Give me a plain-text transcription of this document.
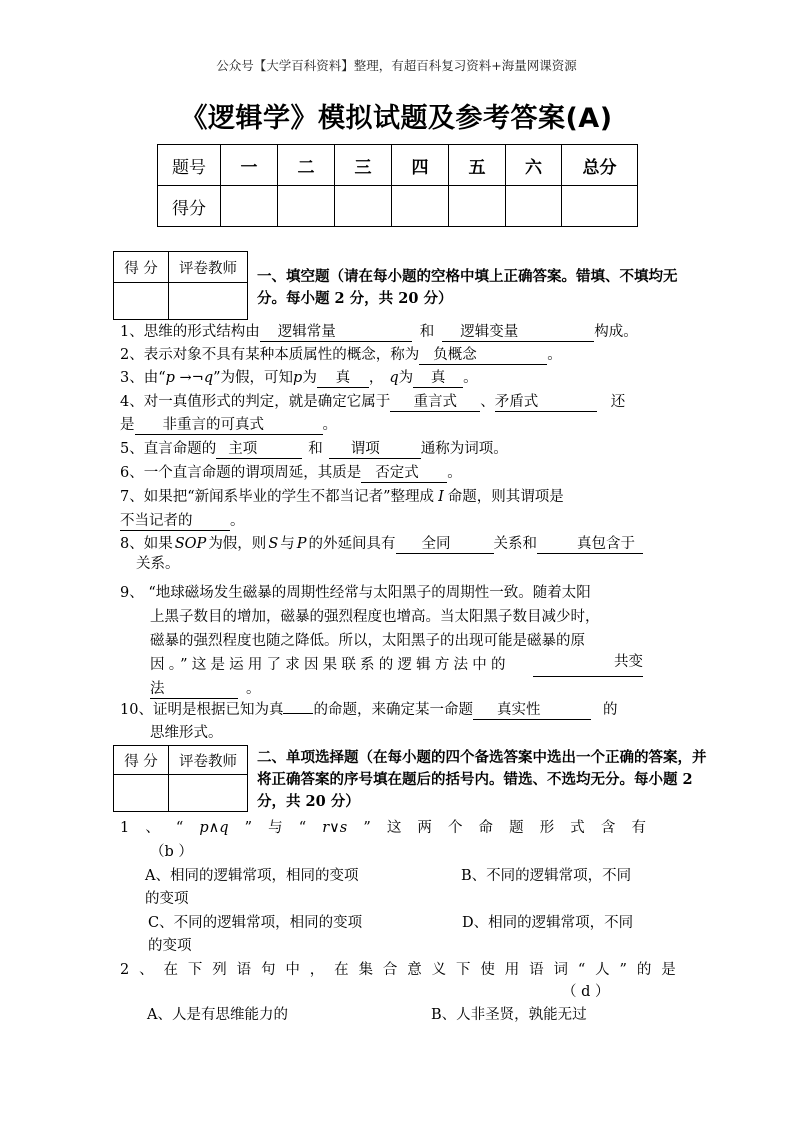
公众号【大学百科资料】整理，有超百科复习资料+海量网课资源
《逻辑学》模拟试题及参考答案(A)
题号	一	二	三	四	五	六	总分
得分							
得 分	评卷教师
	一、填空题（请在每小题的空格中填上正确答案。错填、不填均无分。每小题 2 分，共 20 分）
1、思维的形式结构由 逻辑常量	和 逻辑变量	构成。
2、表示对象不具有某种本质属性的概念，称为 负概念	。
3、由“p →¬q”为假，可知p为 真 ， q为 真 。
4、对一真值形式的判定，就是确定它属于 重言式 、矛盾式	还
是 非重言的可真式	。
5、直言命题的 主项	和 谓项	通称为词项。
6、一个直言命题的谓项周延，其质是 否定式 。
7、如果把“新闻系毕业的学生不都当记者”整理成 I 命题，则其谓项是
不当记者的	。
8、如果 SOP 为假，则 S 与 P 的外延间具有 全同	关系和	真包含于
关系。
9、 “地球磁场发生磁暴的周期性经常与太阳黑子的周期性一致。随着太阳
上黑子数目的增加，磁暴的强烈程度也增高。当太阳黑子数目减少时，
磁暴的强烈程度也随之降低。所以，太阳黑子的出现可能是磁暴的原
因。”这是运用了求因果联系的逻辑方法中的	共变
法	。
10、证明是根据已知为真 的命题，来确定某一命题 真实性	的
思维形式。
得 分	评卷教师
	二、单项选择题（在每小题的四个备选答案中选出一个正确的答案，并将正确答案的序号填在题后的括号内。错选、不选均无分。每小题 2 分，共 20 分）
1 、 “ p∧q ” 与 “ r∨s ” 这 两 个 命 题 形 式 含 有
（b ）
A、相同的逻辑常项，相同的变项	B、不同的逻辑常项，不同
的变项
C、不同的逻辑常项，相同的变项	D、相同的逻辑常项，不同
的变项
2 、 在 下 列 语 句 中 ， 在 集 合 意 义 下 使 用 语 词 “ 人 ” 的 是
（ d ）
A、人是有思维能力的	B、人非圣贤，孰能无过
